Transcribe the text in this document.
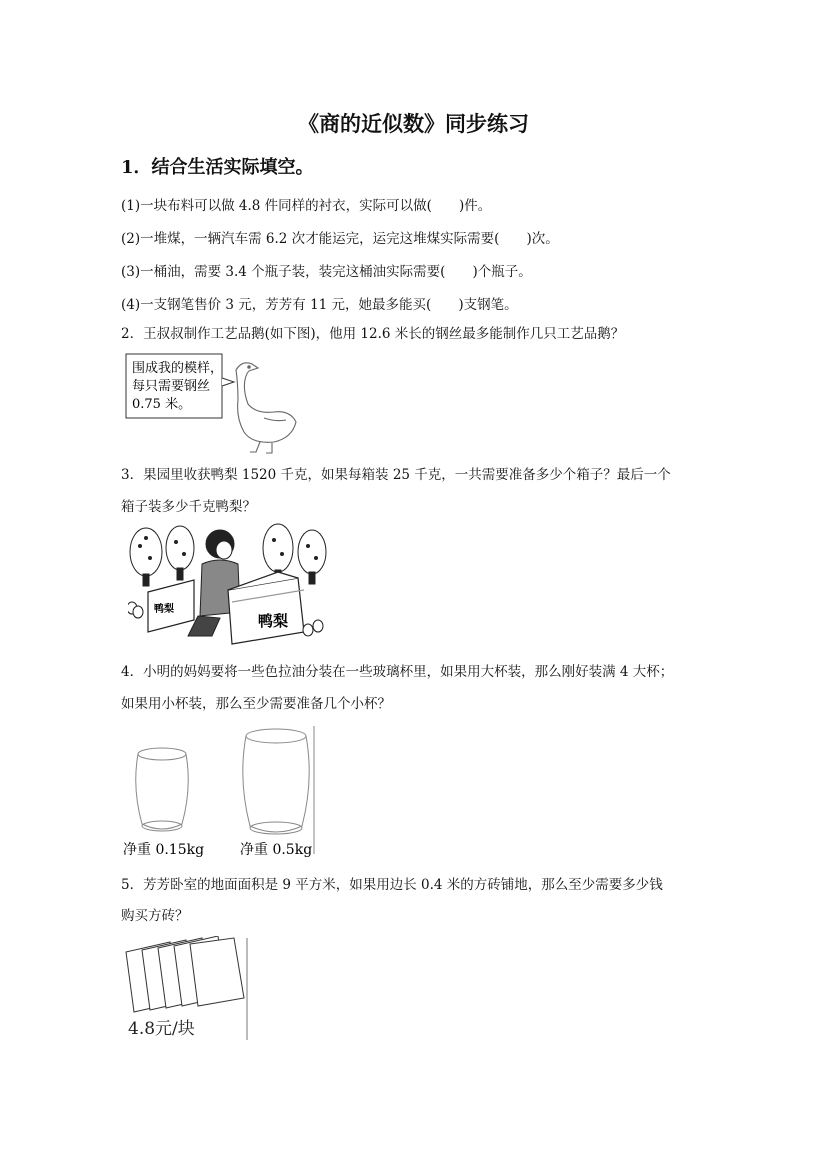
《商的近似数》同步练习
1．结合生活实际填空。
(1)一块布料可以做 4.8 件同样的衬衣，实际可以做(　　)件。
(2)一堆煤，一辆汽车需 6.2 次才能运完，运完这堆煤实际需要(　　)次。
(3)一桶油，需要 3.4 个瓶子装，装完这桶油实际需要(　　)个瓶子。
(4)一支钢笔售价 3 元，芳芳有 11 元，她最多能买(　　)支钢笔。
2．王叔叔制作工艺品鹅(如下图)，他用 12.6 米长的钢丝最多能制作几只工艺品鹅？
围成我的模样，
每只需要钢丝
0.75 米。
3．果园里收获鸭梨 1520 千克，如果每箱装 25 千克，一共需要准备多少个箱子？最后一个
箱子装多少千克鸭梨？
鸭梨
鸭梨
4．小明的妈妈要将一些色拉油分装在一些玻璃杯里，如果用大杯装，那么刚好装满 4 大杯；
如果用小杯装，那么至少需要准备几个小杯？
净重 0.15kg	净重 0.5kg
5．芳芳卧室的地面面积是 9 平方米，如果用边长 0.4 米的方砖铺地，那么至少需要多少钱
购买方砖？
4.8元/块
